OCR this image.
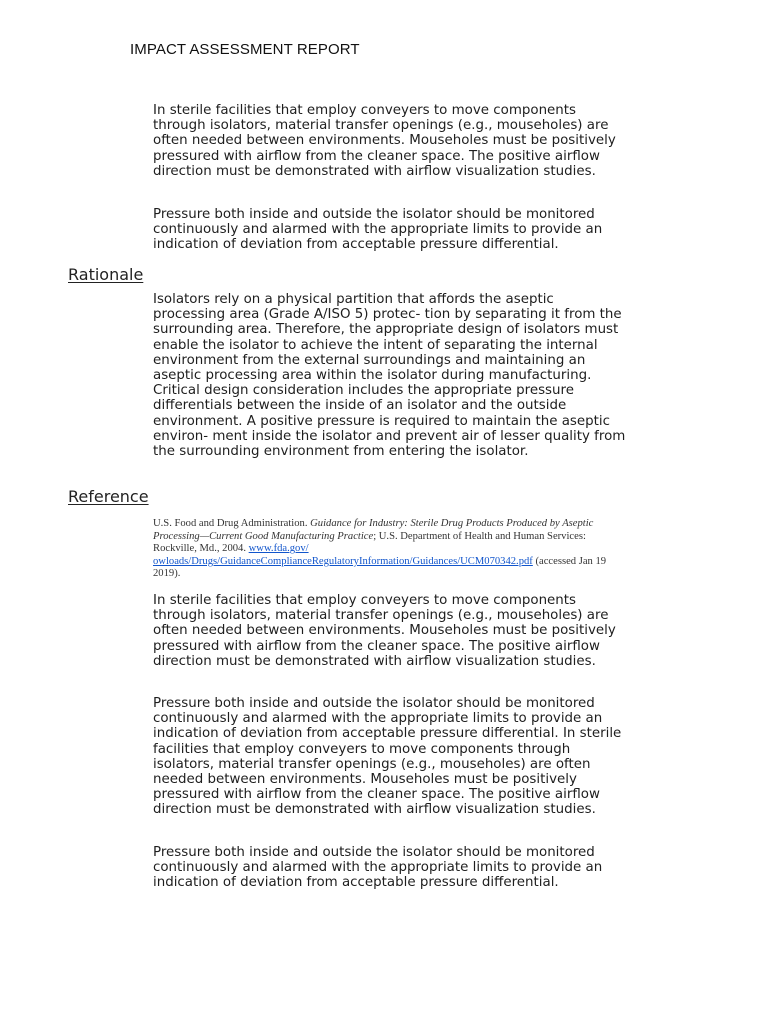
IMPACT ASSESSMENT REPORT

In sterile facilities that employ conveyers to move components through isolators, material transfer openings (e.g., mouseholes) are often needed between environments. Mouseholes must be positively pressured with airflow from the cleaner space. The positive airflow direction must be demonstrated with airflow visualization studies.

Pressure both inside and outside the isolator should be monitored continuously and alarmed with the appropriate limits to provide an indication of deviation from acceptable pressure differential.

Rationale

Isolators rely on a physical partition that affords the aseptic processing area (Grade A/ISO 5) protec- tion by separating it from the surrounding area. Therefore, the appropriate design of isolators must enable the isolator to achieve the intent of separating the internal environment from the external surroundings and maintaining an aseptic processing area within the isolator during manufacturing. Critical design consideration includes the appropriate pressure differentials between the inside of an isolator and the outside environment. A positive pressure is required to maintain the aseptic environ- ment inside the isolator and prevent air of lesser quality from the surrounding environment from entering the isolator.

Reference

U.S. Food and Drug Administration. Guidance for Industry: Sterile Drug Products Produced by Aseptic Processing—Current Good Manufacturing Practice; U.S. Department of Health and Human Services: Rockville, Md., 2004. www.fda.gov/ owloads/Drugs/GuidanceComplianceRegulatoryInformation/Guidances/UCM070342.pdf (accessed Jan 19 2019).

In sterile facilities that employ conveyers to move components through isolators, material transfer openings (e.g., mouseholes) are often needed between environments. Mouseholes must be positively pressured with airflow from the cleaner space. The positive airflow direction must be demonstrated with airflow visualization studies.

Pressure both inside and outside the isolator should be monitored continuously and alarmed with the appropriate limits to provide an indication of deviation from acceptable pressure differential. In sterile facilities that employ conveyers to move components through isolators, material transfer openings (e.g., mouseholes) are often needed between environments. Mouseholes must be positively pressured with airflow from the cleaner space. The positive airflow direction must be demonstrated with airflow visualization studies.

Pressure both inside and outside the isolator should be monitored continuously and alarmed with the appropriate limits to provide an indication of deviation from acceptable pressure differential.
